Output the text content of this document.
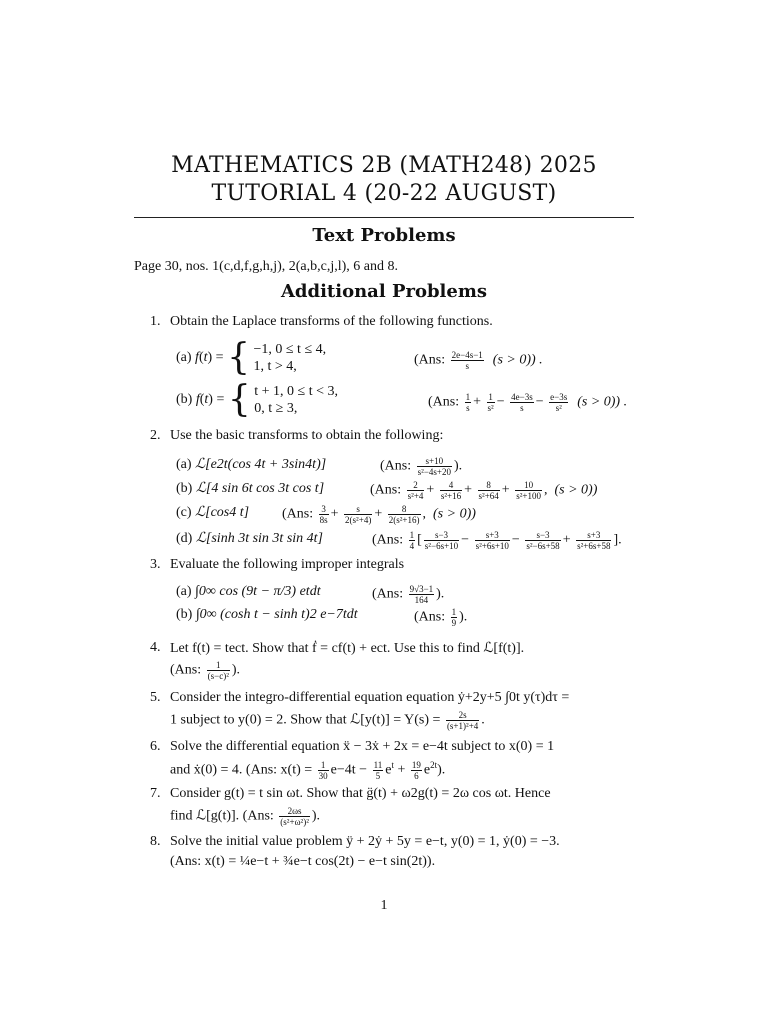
MATHEMATICS 2B (MATH248) 2025
TUTORIAL 4 (20-22 AUGUST)
Text Problems
Page 30, nos. 1(c,d,f,g,h,j), 2(a,b,c,j,l), 6 and 8.
Additional Problems
1. Obtain the Laplace transforms of the following functions.
(a) f(t) = { −1, 0 ≤ t ≤ 4,
1, t > 4,	(Ans: $\frac{2e-4s-1}{s} (s > 0)$) .
(b) f(t) = { t + 1, 0 ≤ t < 3,
0, t ≥ 3,	(Ans: $\frac{1}{s} + \frac{1}{\text{s²}} - \frac{4e-3s}{s} - \frac{e-3s}{\text{s²}} (s > 0)$) .
2. Use the basic transforms to obtain the following:
(a) ℒ[e2t(cos 4t + 3sin4t)]	(Ans: $\frac{s+10}{\text{s²−4s+20}}$ ).
(b) ℒ[4 sin 6t cos 3t cos t]	(Ans: $\frac{2}{\text{s²+4}} + \frac{4}{\text{s²+16}} + \frac{8}{\text{s²+64}} + \frac{10}{\text{s²+100}}$ ,  (s > 0))
(c) ℒ[cos4 t] (Ans: $\frac{3}{8s} + \frac{s}{\text{2(s²+4)}} + \frac{8}{\text{2(s²+16)}}$ ,  (s > 0))
(d) ℒ[sinh 3t sin 3t sin 4t]	(Ans: $\frac{1}{4}$ [ $\frac{s-3}{\text{s²−6s+10}} - \frac{s+3}{\text{s²+6s+10}} - \frac{s-3}{\text{s²−6s+58}} + \frac{s+3}{\text{s²+6s+58}}$ ].
3. Evaluate the following improper integrals
(a) ∫0∞ cos (9t − π/3) etdt	(Ans: $\frac{9√3-1}{164}$ ).
(b) ∫0∞ (cosh t − sinh t)2 e−7tdt	(Ans: $\frac{1}{9}$ ).
4. Let f(t) = tect. Show that ḟ = cf(t) + ect. Use this to find ℒ[f(t)].
(Ans: $\frac{1}{\text{(s−c)²}}$ ).
5. Consider the integro-differential equation equation ẏ+2y+5 ∫0t y(τ)dτ =
1 subject to y(0) = 2. Show that ℒ[y(t)] = $Y(s) = \frac{2s}{\text{(s+1)²+4}}$ .
6. Solve the differential equation ẍ − 3ẋ + 2x = e−4t subject to x(0) = 1
and ẋ(0) = 4. (Ans: $x(t) = \frac{1}{30} e-4t - \frac{11}{5} e^t + \frac{19}{6} e^{2t}$).
7. Consider g(t) = t sin ωt. Show that g̈(t) + ω2g(t) = 2ω cos ωt. Hence
find ℒ[g(t)]. (Ans: $\frac{2\omega s}{\text{(s²+ω²)²}}$ ).
8. Solve the initial value problem ÿ + 2ẏ + 5y = e−t, y(0) = 1, ẏ(0) = −3.
(Ans: x(t) = ¼e−t + ¾e−t cos(2t) − e−t sin(2t)).
1
